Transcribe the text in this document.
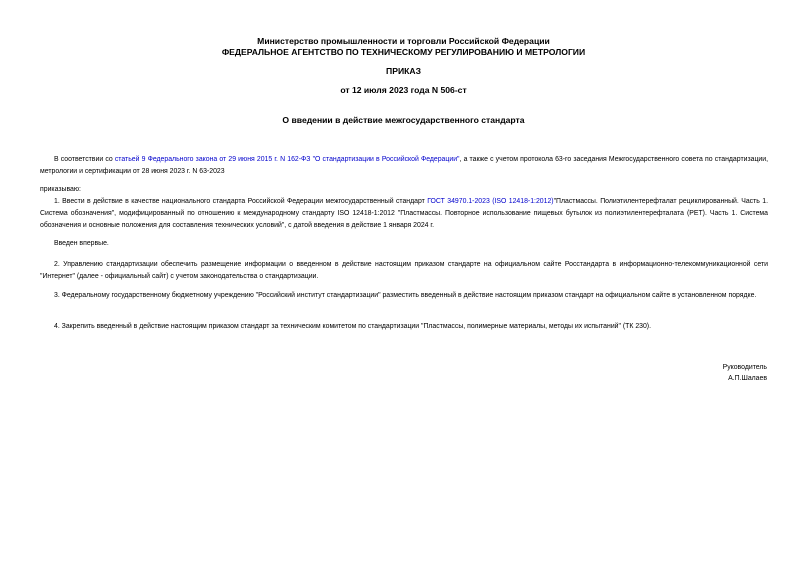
Министерство промышленности и торговли Российской Федерации
ФЕДЕРАЛЬНОЕ АГЕНТСТВО ПО ТЕХНИЧЕСКОМУ РЕГУЛИРОВАНИЮ И МЕТРОЛОГИИ
ПРИКАЗ
от 12 июля 2023 года N 506-ст
О введении в действие межгосударственного стандарта
В соответствии со статьей 9 Федерального закона от 29 июня 2015 г. N 162-ФЗ "О стандартизации в Российской Федерации", а также с учетом протокола 63-го заседания Межгосударственного совета по стандартизации, метрологии и сертификации от 28 июня 2023 г. N 63-2023
приказываю:
1. Ввести в действие в качестве национального стандарта Российской Федерации межгосударственный стандарт ГОСТ 34970.1-2023 (ISO 12418-1:2012)"Пластмассы. Полиэтилентерефталат рециклированный. Часть 1. Система обозначения", модифицированный по отношению к международному стандарту ISO 12418-1:2012 "Пластмассы. Повторное использование пищевых бутылок из полиэтилентерефталата (PET). Часть 1. Система обозначения и основные положения для составления технических условий", с датой введения в действие 1 января 2024 г.
Введен впервые.
2. Управлению стандартизации обеспечить размещение информации о введенном в действие настоящим приказом стандарте на официальном сайте Росстандарта в информационно-телекоммуникационной сети "Интернет" (далее - официальный сайт) с учетом законодательства о стандартизации.
3. Федеральному государственному бюджетному учреждению "Российский институт стандартизации" разместить введенный в действие настоящим приказом стандарт на официальном сайте в установленном порядке.
4. Закрепить введенный в действие настоящим приказом стандарт за техническим комитетом по стандартизации "Пластмассы, полимерные материалы, методы их испытаний" (ТК 230).
Руководитель
А.П.Шалаев
